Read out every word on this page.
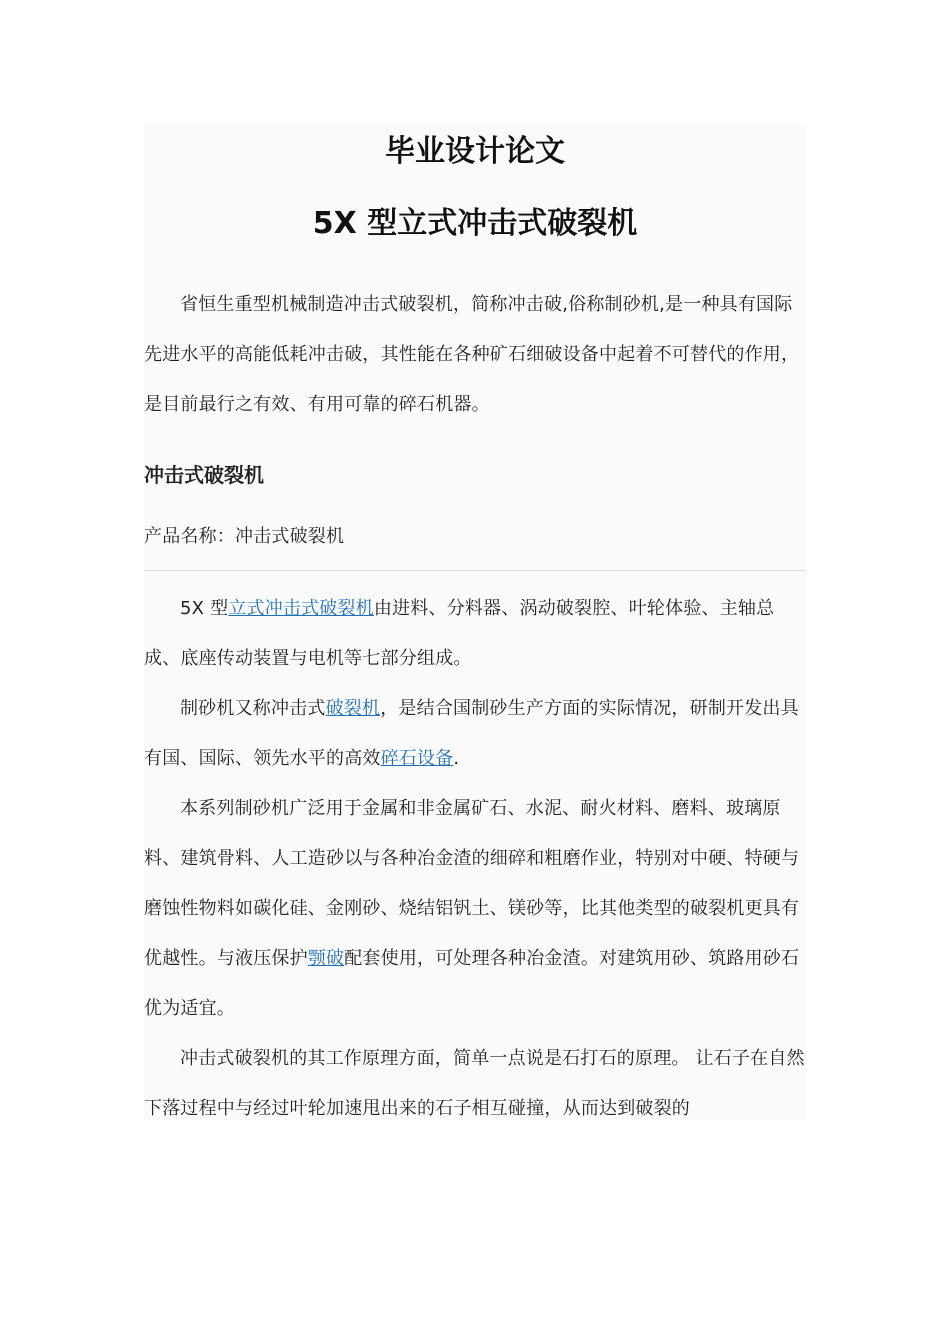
毕业设计论文
5X 型立式冲击式破裂机

省恒生重型机械制造冲击式破裂机，简称冲击破,俗称制砂机,是一种具有国际先进水平的高能低耗冲击破，其性能在各种矿石细破设备中起着不可替代的作用，是目前最行之有效、有用可靠的碎石机器。

冲击式破裂机

产品名称：冲击式破裂机

5X 型立式冲击式破裂机由进料、分料器、涡动破裂腔、叶轮体验、主轴总成、底座传动装置与电机等七部分组成。

制砂机又称冲击式破裂机，是结合国制砂生产方面的实际情况，研制开发出具有国、国际、领先水平的高效碎石设备.

本系列制砂机广泛用于金属和非金属矿石、水泥、耐火材料、磨料、玻璃原料、建筑骨料、人工造砂以与各种冶金渣的细碎和粗磨作业，特别对中硬、特硬与磨蚀性物料如碳化硅、金刚砂、烧结铝钒土、镁砂等，比其他类型的破裂机更具有优越性。与液压保护颚破配套使用，可处理各种冶金渣。对建筑用砂、筑路用砂石优为适宜。

冲击式破裂机的其工作原理方面，简单一点说是石打石的原理。 让石子在自然下落过程中与经过叶轮加速甩出来的石子相互碰撞，从而达到破裂的
